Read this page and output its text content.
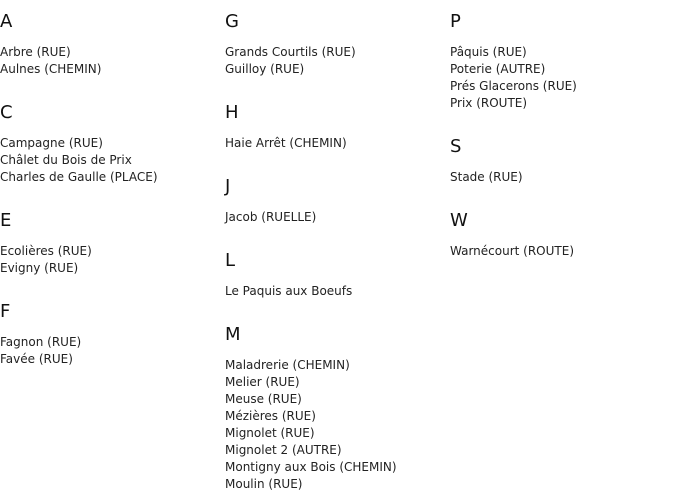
A
Arbre (RUE)
Aulnes (CHEMIN)
C
Campagne (RUE)
Châlet du Bois de Prix
Charles de Gaulle (PLACE)
E
Ecolières (RUE)
Evigny (RUE)
F
Fagnon (RUE)
Favée (RUE)
G
Grands Courtils (RUE)
Guilloy (RUE)
H
Haie Arrêt (CHEMIN)
J
Jacob (RUELLE)
L
Le Paquis aux Boeufs
M
Maladrerie (CHEMIN)
Melier (RUE)
Meuse (RUE)
Mézières (RUE)
Mignolet (RUE)
Mignolet 2 (AUTRE)
Montigny aux Bois (CHEMIN)
Moulin (RUE)
P
Pâquis (RUE)
Poterie (AUTRE)
Prés Glacerons (RUE)
Prix (ROUTE)
S
Stade (RUE)
W
Warnécourt (ROUTE)
